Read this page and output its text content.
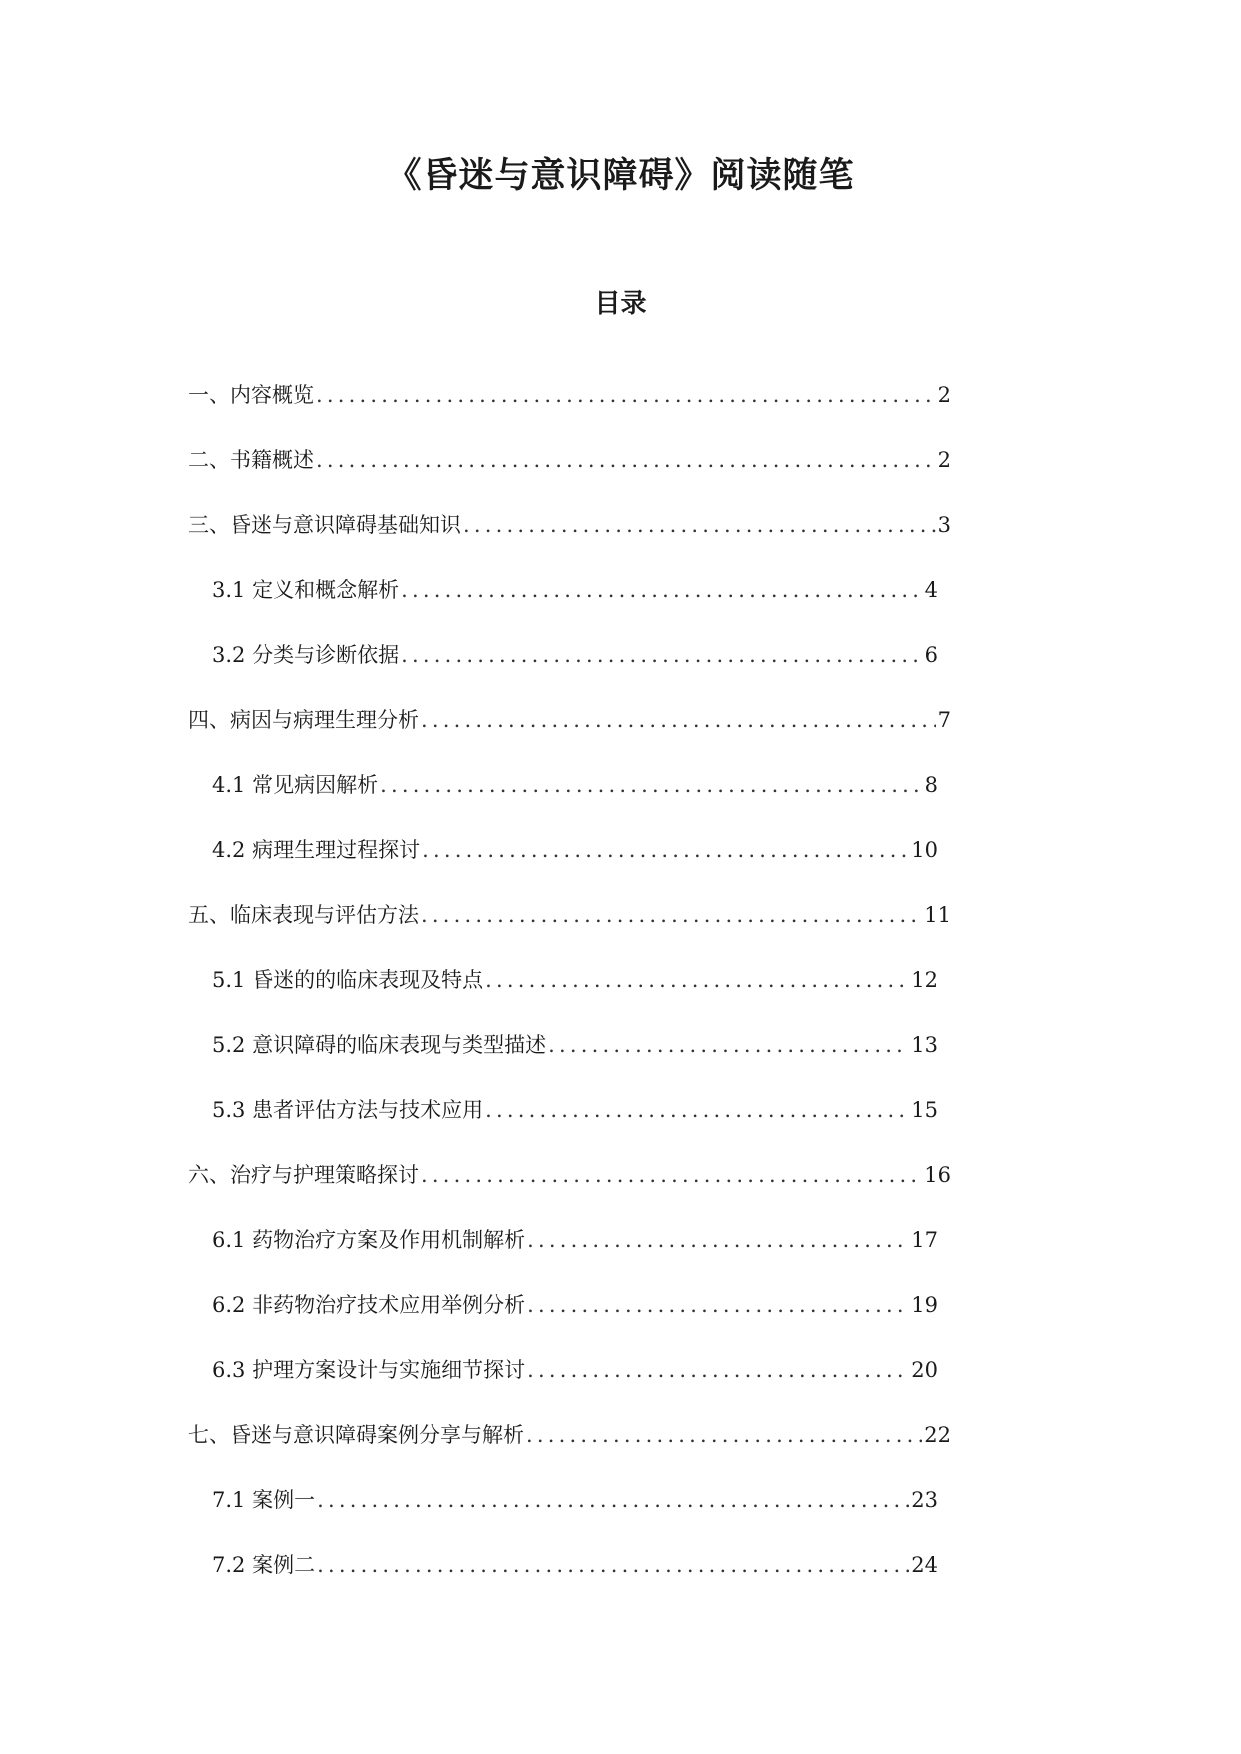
《昏迷与意识障碍》阅读随笔
目录
一、内容概览 .....	2
二、书籍概述 .....	2
三、昏迷与意识障碍基础知识 .....	3
3.1 定义和概念解析 .....	4
3.2 分类与诊断依据 .....	6
四、病因与病理生理分析 .....	7
4.1 常见病因解析 .....	8
4.2 病理生理过程探讨 .....	10
五、临床表现与评估方法 .....	11
5.1 昏迷的的临床表现及特点 .....	12
5.2 意识障碍的临床表现与类型描述 .....	13
5.3 患者评估方法与技术应用 .....	15
六、治疗与护理策略探讨 .....	16
6.1 药物治疗方案及作用机制解析 .....	17
6.2 非药物治疗技术应用举例分析 .....	19
6.3 护理方案设计与实施细节探讨 .....	20
七、昏迷与意识障碍案例分享与解析 .....	22
7.1 案例一 .....	23
7.2 案例二 .....	24
